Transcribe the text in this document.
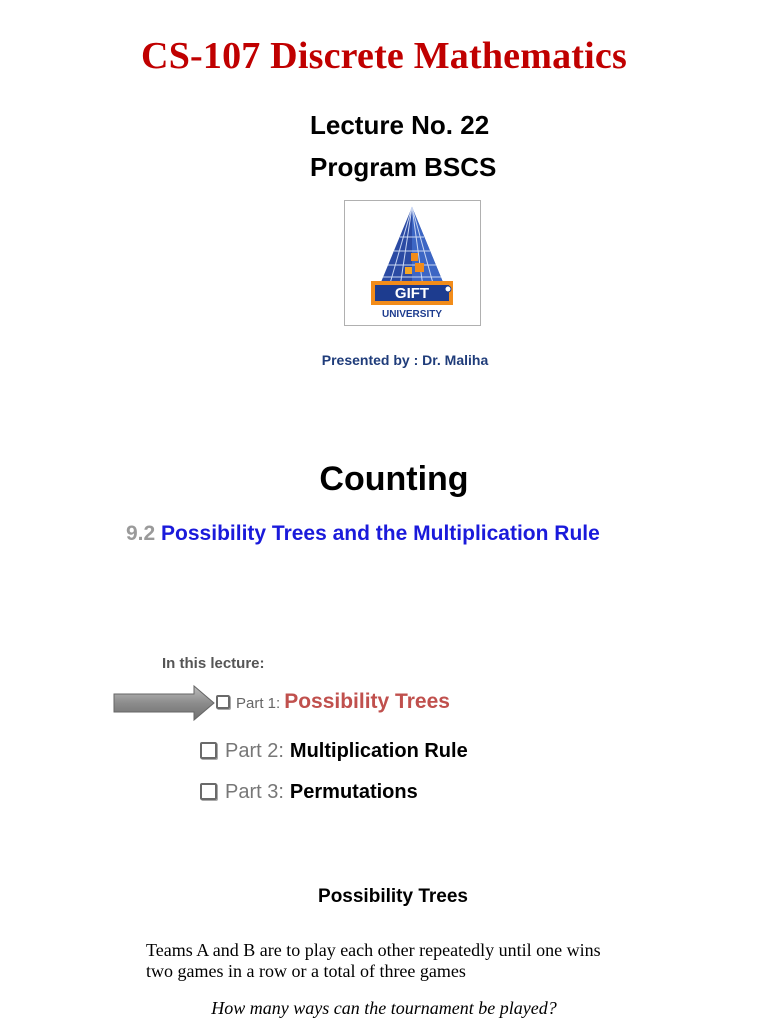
CS-107 Discrete Mathematics
Lecture No. 22
Program BSCS
GIFT
UNIVERSITY
Presented by : Dr. Maliha
Counting
9.2 Possibility Trees and the Multiplication Rule
In this lecture:
Part 1: Possibility Trees
Part 2: Multiplication Rule
Part 3: Permutations
Possibility Trees
Teams A and B are to play each other repeatedly until one wins
two games in a row or a total of three games
How many ways can the tournament be played?
